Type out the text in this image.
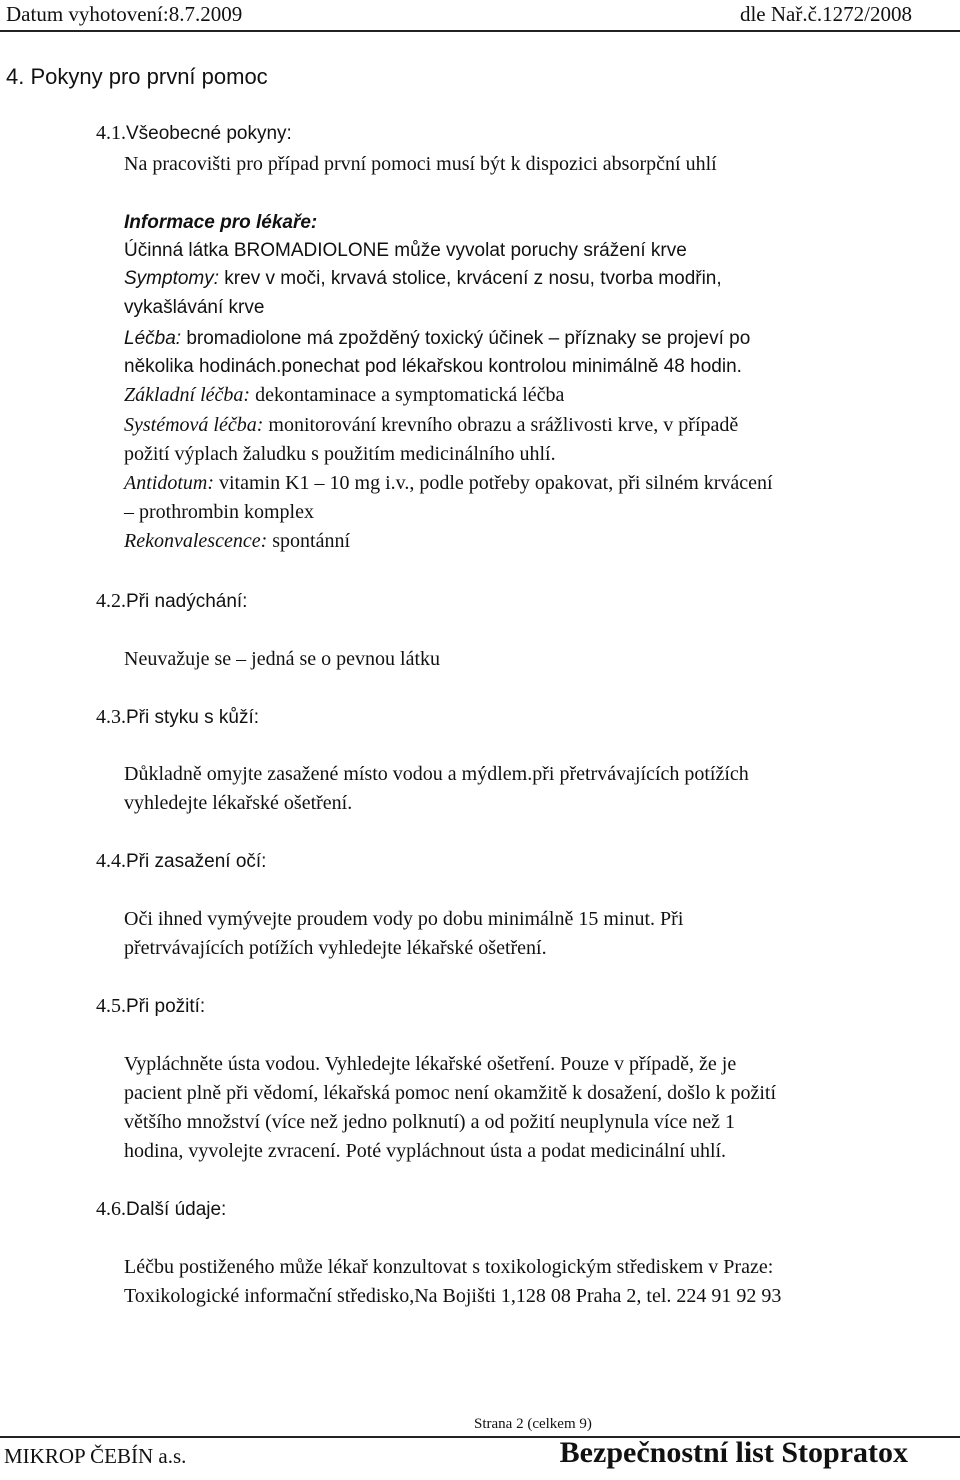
Datum vyhotovení:8.7.2009	dle Nař.č.1272/2008
4. Pokyny pro první pomoc
4.1.Všeobecné pokyny:
Na pracovišti pro případ první pomoci musí být k dispozici absorpční uhlí
Informace pro lékaře:
Účinná látka BROMADIOLONE může vyvolat poruchy srážení krve
Symptomy: krev v moči, krvavá stolice, krvácení z nosu, tvorba modřin,
vykašlávání krve
Léčba: bromadiolone má zpožděný toxický účinek – příznaky se projeví po
několika hodinách.ponechat pod lékařskou kontrolou minimálně 48 hodin.
Základní léčba: dekontaminace a symptomatická léčba
Systémová léčba: monitorování krevního obrazu a srážlivosti krve, v případě
požití výplach žaludku s použitím medicinálního uhlí.
Antidotum: vitamin K1 – 10 mg i.v., podle potřeby opakovat, při silném krvácení
– prothrombin komplex
Rekonvalescence: spontánní
4.2.Při nadýchání:
Neuvažuje se – jedná se o pevnou látku
4.3.Při styku s kůží:
Důkladně omyjte zasažené místo vodou a mýdlem.při přetrvávajících potížích
vyhledejte lékařské ošetření.
4.4.Při zasažení očí:
Oči ihned vymývejte proudem vody po dobu minimálně 15 minut. Při
přetrvávajících potížích vyhledejte lékařské ošetření.
4.5.Při požití:
Vypláchněte ústa vodou. Vyhledejte lékařské ošetření. Pouze v případě, že je
pacient plně při vědomí, lékařská pomoc není okamžitě k dosažení, došlo k požití
většího množství (více než jedno polknutí) a od požití neuplynula více než 1
hodina, vyvolejte zvracení. Poté vypláchnout ústa a podat medicinální uhlí.
4.6.Další údaje:
Léčbu postiženého může lékař konzultovat s toxikologickým střediskem v Praze:
Toxikologické informační středisko,Na Bojišti 1,128 08 Praha 2, tel. 224 91 92 93
Strana 2 (celkem 9)
MIKROP ČEBÍN a.s.	Bezpečnostní list Stopratox
